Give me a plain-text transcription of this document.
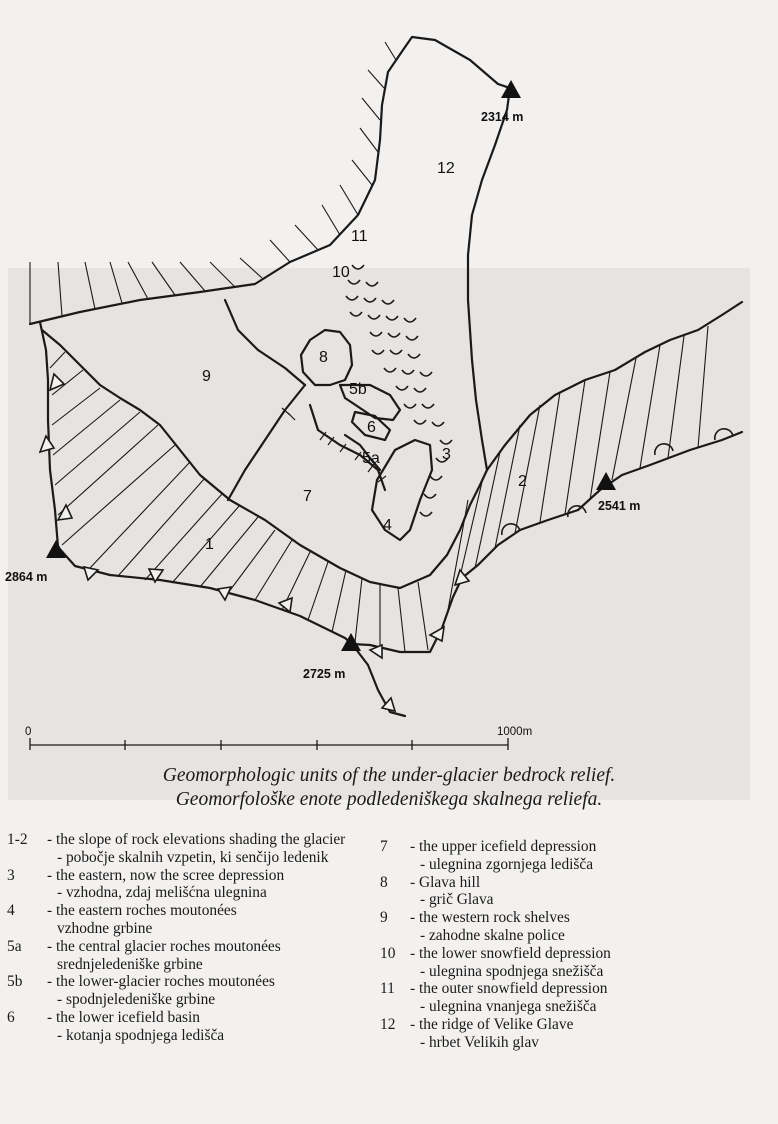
2314 m
2541 m
2864 m
2725 m
1
2
3
4
5a
5b
6
7
8
9
10
11
12
0	1000m
Geomorphologic units of the under-glacier bedrock relief.
Geomorfološke enote podledeniškega skalnega reliefa.
1-2	- the slope of rock elevations shading the glacier

- pobočje skalnih vzpetin, ki senčijo ledenik
3	- the eastern, now the scree depression

- vzhodna, zdaj melišćna ulegnina
4	- the eastern roches moutonées

vzhodne grbine
5a	- the central glacier roches moutonées

srednjeledeniške grbine
5b	- the lower-glacier roches moutonées

- spodnjeledeniške grbine
6	- the lower icefield basin

- kotanja spodnjega ledišča
7	- the upper icefield depression

- ulegnina zgornjega ledišča
8	- Glava hill

- grič Glava
9	- the western rock shelves

- zahodne skalne police
10 - the lower snowfield depression

- ulegnina spodnjega snežišča
11 - the outer snowfield depression

- ulegnina vnanjega snežišča
12 - the ridge of Velike Glave

- hrbet Velikih glav
